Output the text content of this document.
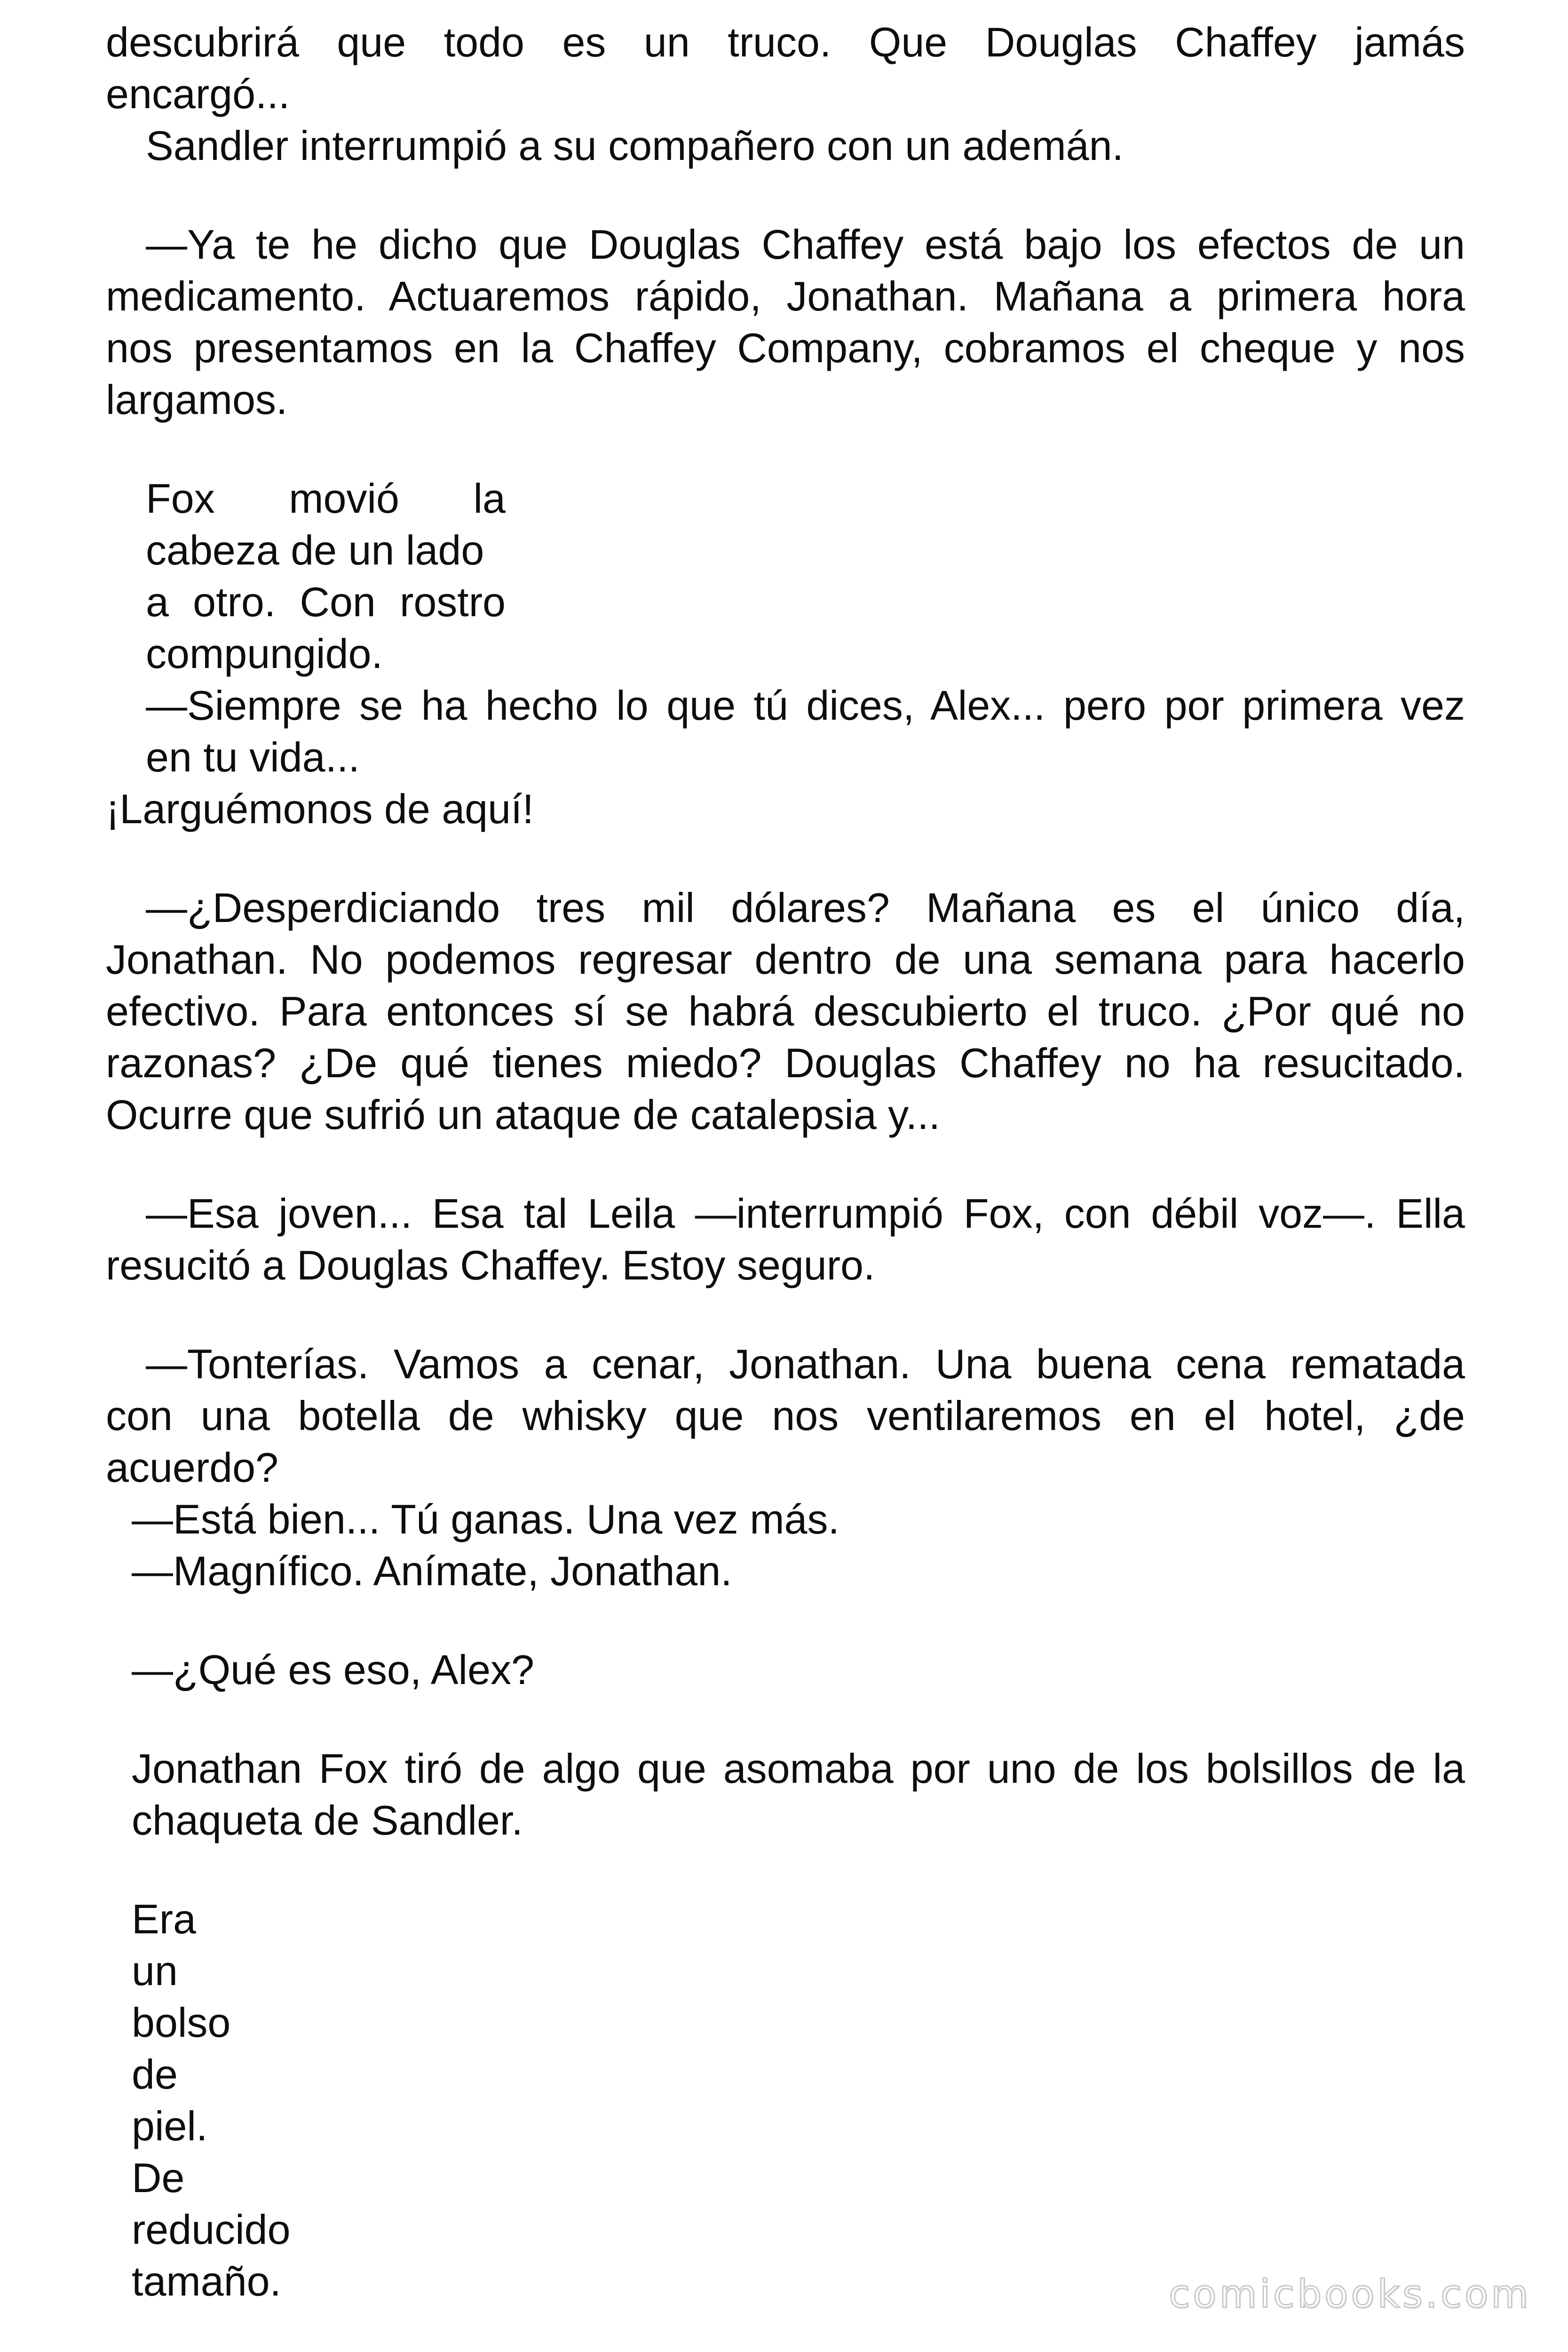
descubrirá que todo es un truco. Que Douglas Chaffey jamás

encargó...

Sandler interrumpió a su compañero con un ademán.

—Ya te he dicho que Douglas Chaffey está bajo los efectos de un

medicamento. Actuaremos rápido, Jonathan. Mañana a primera hora

nos presentamos en la Chaffey Company, cobramos el cheque y nos

largamos.

Fox movió la

cabeza de un lado

a otro. Con rostro

compungido.

—Siempre se ha hecho lo que tú dices, Alex... pero por primera vez

en tu vida...

¡Larguémonos de aquí!

—¿Desperdiciando tres mil dólares? Mañana es el único día,

Jonathan. No podemos regresar dentro de una semana para hacerlo

efectivo. Para entonces sí se habrá descubierto el truco. ¿Por qué no

razonas? ¿De qué tienes miedo? Douglas Chaffey no ha resucitado.

Ocurre que sufrió un ataque de catalepsia y...

—Esa joven... Esa tal Leila —interrumpió Fox, con débil voz—. Ella

resucitó a Douglas Chaffey. Estoy seguro.

—Tonterías. Vamos a cenar, Jonathan. Una buena cena rematada

con una botella de whisky que nos ventilaremos en el hotel, ¿de

acuerdo?

—Está bien... Tú ganas. Una vez más.

—Magnífico. Anímate, Jonathan.

—¿Qué es eso, Alex?

Jonathan Fox tiró de algo que asomaba por uno de los bolsillos de la

chaqueta de Sandler.

Era

un

bolso

de

piel.

De

reducido

tamaño.	comicbooks.com
